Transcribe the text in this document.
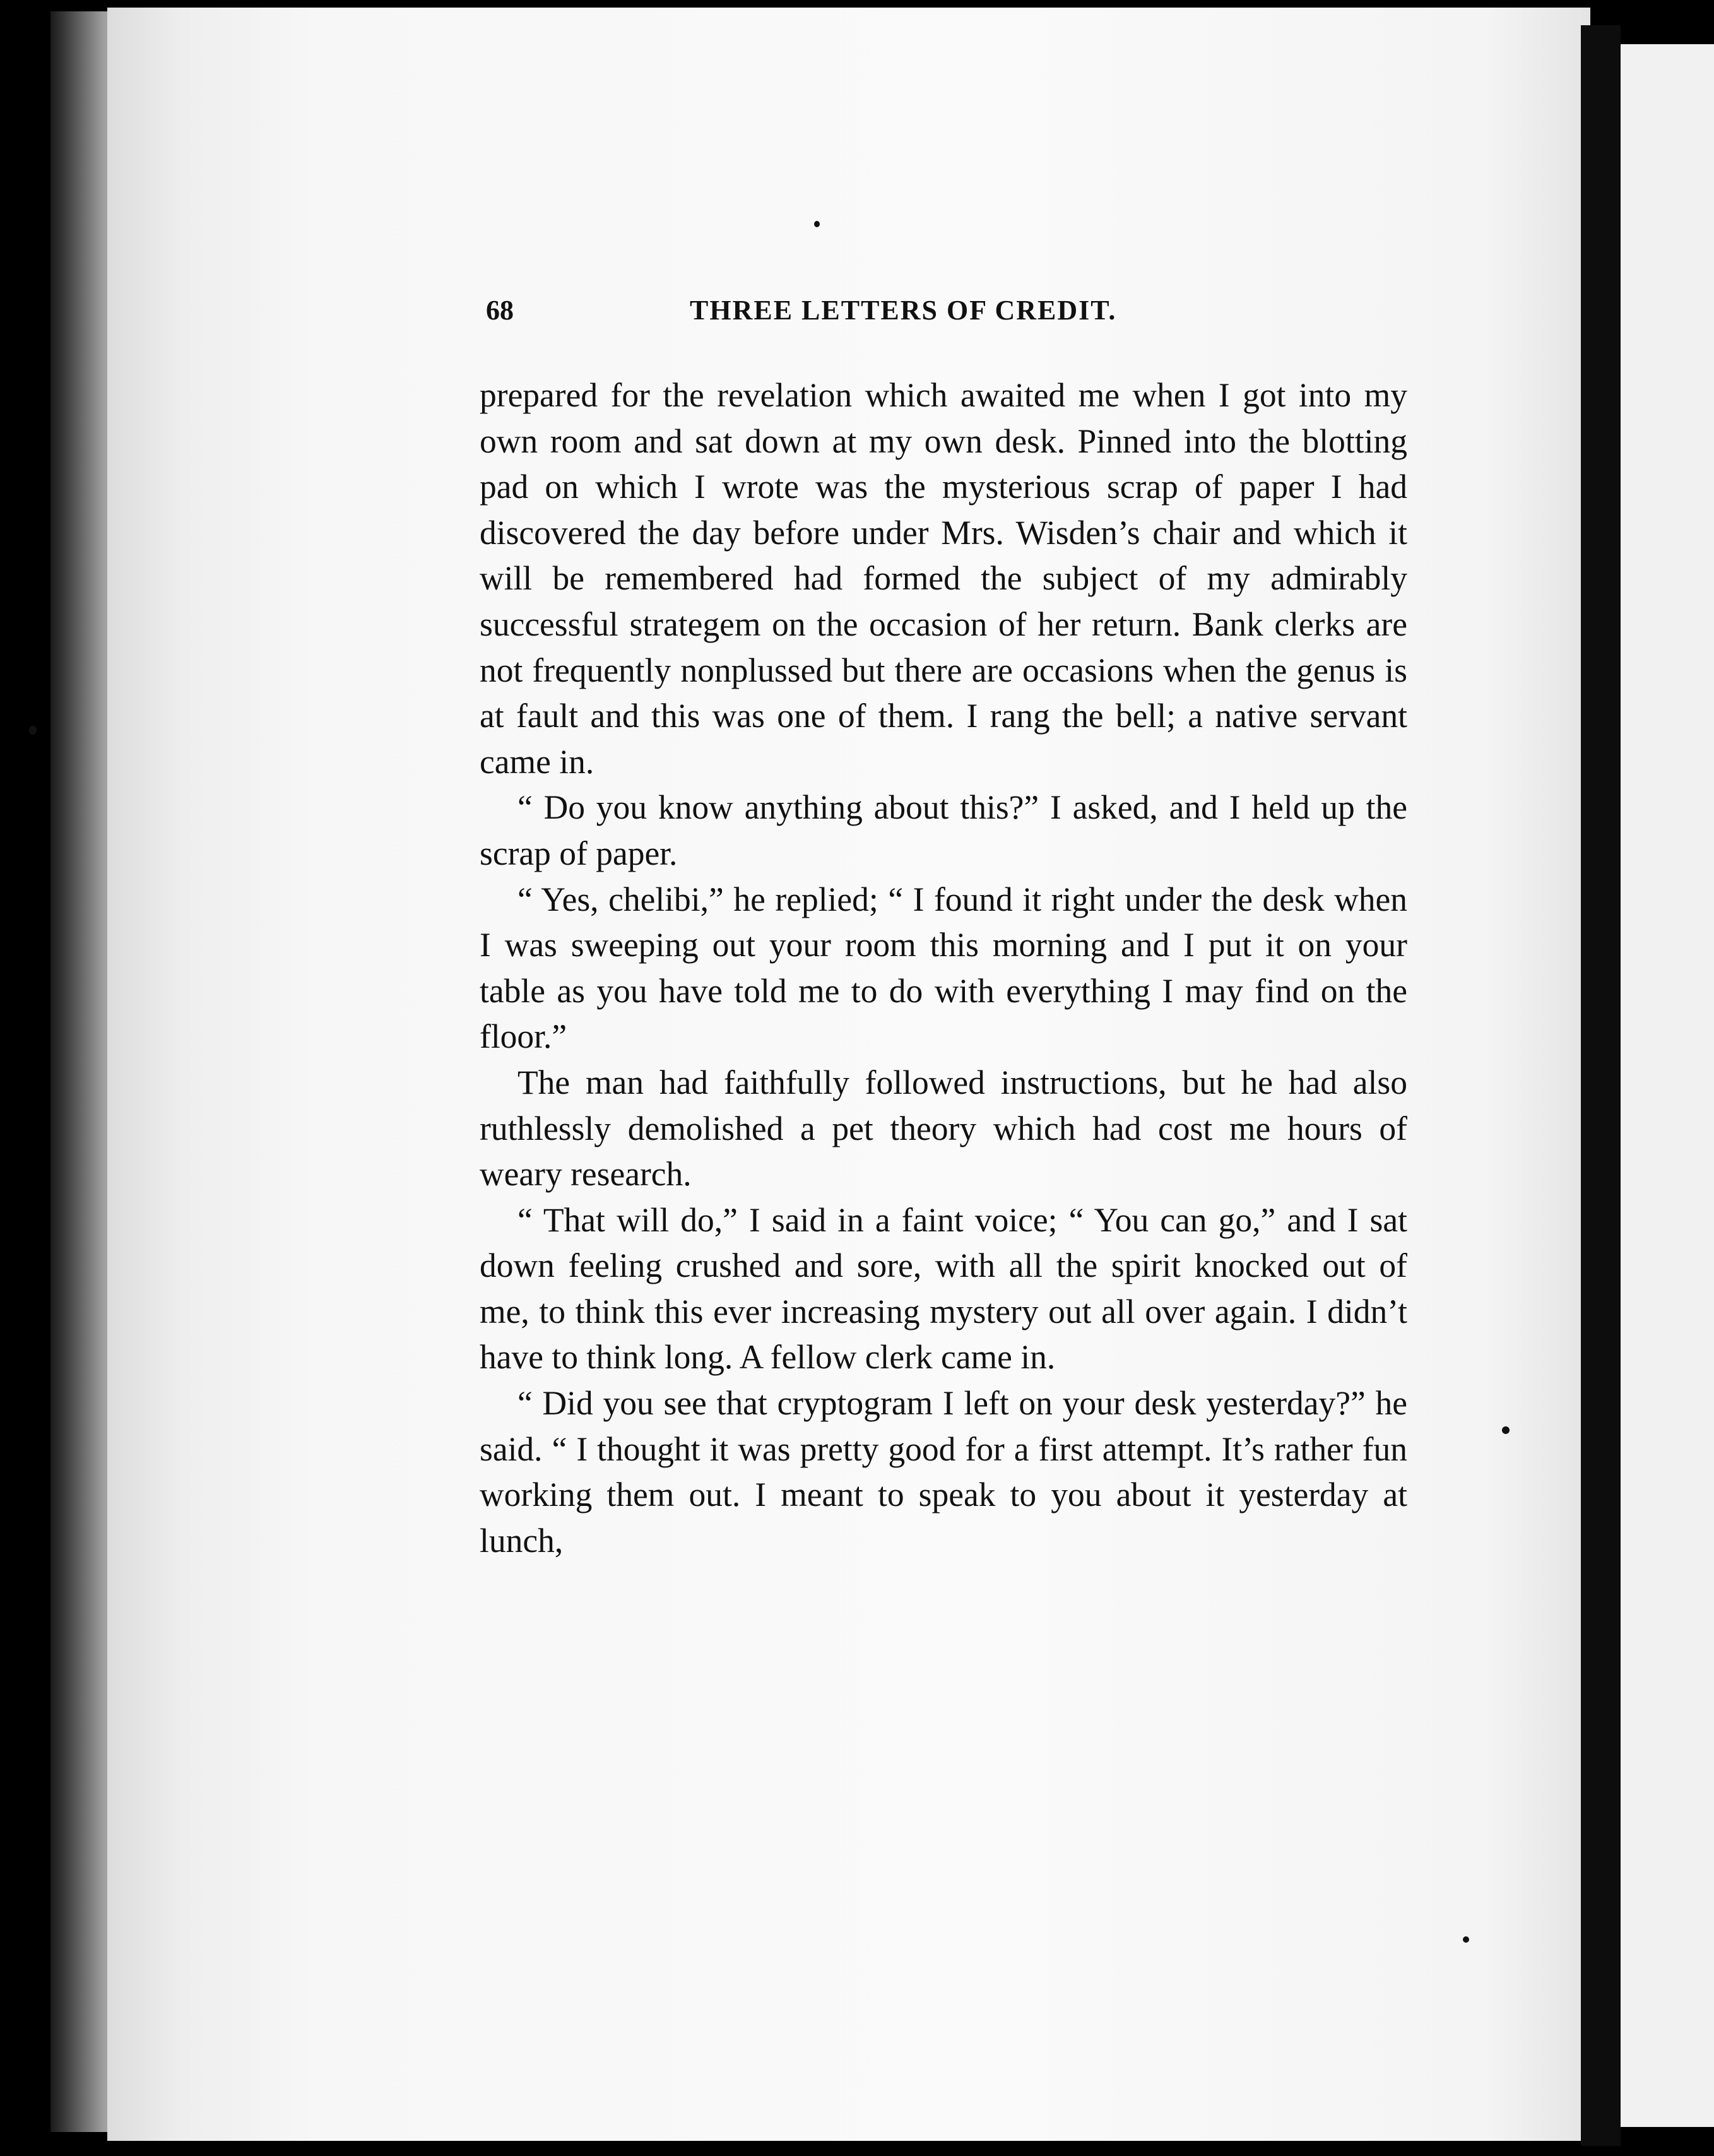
68	THREE LETTERS OF CREDIT.

prepared for the revelation which awaited me when I got into my own room and sat down at my own desk. Pinned into the blotting pad on which I wrote was the mysterious scrap of paper I had discovered the day before under Mrs. Wisden’s chair and which it will be remembered had formed the subject of my admirably successful strategem on the occasion of her return. Bank clerks are not frequently nonplussed but there are occasions when the genus is at fault and this was one of them. I rang the bell; a native servant came in.

“ Do you know anything about this?” I asked, and I held up the scrap of paper.

“ Yes, chelibi,” he replied; “ I found it right under the desk when I was sweeping out your room this morning and I put it on your table as you have told me to do with everything I may find on the floor.”

The man had faithfully followed instructions, but he had also ruthlessly demolished a pet theory which had cost me hours of weary research.

“ That will do,” I said in a faint voice; “ You can go,” and I sat down feeling crushed and sore, with all the spirit knocked out of me, to think this ever increasing mystery out all over again. I didn’t have to think long. A fellow clerk came in.

“ Did you see that cryptogram I left on your desk yesterday?” he said. “ I thought it was pretty good for a first attempt. It’s rather fun working them out. I meant to speak to you about it yesterday at lunch,
